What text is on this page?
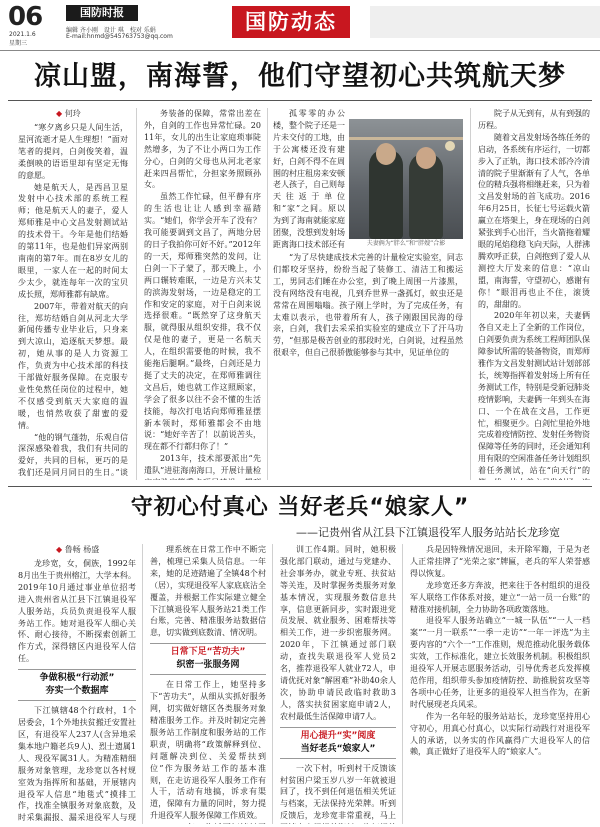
06
2021.1.6
星期三
国防时报
编辑 齐小刚　设计 琪　校对 乐娟
E-mail:hnmd@545763753@qq.com
国防动态
凉山盟，南海誓，他们守望初心共筑航天梦
◆ 何玲

“寒夕离乡只是人间生活，星河流逝才是人生理想！”面对笔者的提问，白剑俊笑着，温柔倒映的语语里却有坚定无悔的意愿。

她是航天人，是西昌卫星发射中心技术部的系统工程师；他是航天人的妻子，爱人郑师雅是中心文昌发射测试站的技术骨干。今年是他们结婚的第11年，也是他们异家两别南南的第7年。而在8岁女儿的眼里，一家人在一起的时间太少太少，就连每年一次的宝贝成长照，郑师雅都有缺席。

2007年，带着对航天的向往，郑坊结婚自剑从河北大学新闻传播专业毕业后，只身来到大凉山，追逐航天梦想。最初，她从事的是人力资源工作，负责为中心技术部的科技干部做好服务保障。在克服专业性免熬任岗位的过程中，她不仅感受到航天大家庭的温暖，也悄然收获了甜蜜的爱情。

“他的钢气蓬勃，乐观自信深深感染着我，我们有共同的爱好，共同的目标，更巧的是我们还是同月同日的生日。”谈

务装备的保障，常常出差在外，自剑的工作也异常忙碌。2011年，女儿的出生让家庭琐事陡然增多，为了不让小两口为工作分心，白剑的父母也从河北老家赶来四昌帮忙，分担家务照顾孙女。

虽然工作忙碌，但平静有序的生活也让让人感到幸福踏实。“她们，你学会开车了没有？我可能要调到文昌了，两地分居的日子我拍你可好不好。”2012年的一天，郑师雅突然的发问，让白剑一下子蒙了，那天晚上，小两口辗转难眠，一边是方兴未艾的滨海发射场，一边是稳定的工作和安定的家庭，对于白剑来说选择很难。“既然穿了这身航天服，就得服从组织安排，我不仅仅是他的妻子，更是一名航天人，在组织需要他的时候，我不能拖后腿啊。”最终，白剑还是力挺了丈夫的决定，在郑师雅调往文昌后，她也就工作这照顾家，学会了很多以往不会不懂的生活技能，每次打电话向郑师雅显摆新本领时，郑师雅都会不由地说：“她好辛苦了！以前说苦头，现在都不行都归你了！”

2013年，技术部要派出“先遣队”进驻海南海口，开展计量检

夫妻俩为“胖么”和“胖嫂”合影

孤零零的办公楼，整个院子还是一片未交付的工地，由于公寓楼还没有建好，白剑不得不在周围的村庄租房来安顿老人孩子，自己则每天往返于单位和“家”之间。原以为到了海南就能家庭团聚，没想到发射场距离海口技术部还有

“为了尽快建成技术完善的计量检定实验室，同志们都咬牙坚持，纷纷当起了装修工、清洁工和搬运工，男同志们睡在办公室，到了晚上周围一片漆黑，没有网络没有电视，几到乔世界一盏孤灯，蚊虫还是常常在周围嗡嗡。孩子刚上学时，为了完成任务，有太难以表示，也带着所有人，孩子刚跟国民海的母亲，白剑，我们去采采拍实验室的建成立下了汗马功劳，“但那是极苦创业的那段时光，白剑说，过程虽然很艰辛，但自己很骄傲能够参与其中，见证单位的

院子从无到有，从有到强的历程。

随着文昌发射场各练任务的启动，各系统有序运行，一切都步入了正轨，海口技术部冷冷清清的院子里渐渐有了人气，各单位的精兵强将相继赶来，只为着文昌发射场的首飞成功。2016年6月25日，长征七号运载火箭赢立在塔架上，身在现场的白剑紧张到手心出汗，当火箭拖着耀眼的尾焰稳稳飞向天际，人群沸腾欢呼正获，白剑抱到了爱人从测控大厅发来的信息：“凉山盟，南海誓，守望初心，感谢有你！”眼泪再也止不住，滚烫的，甜甜的。

2020年年初以来，夫妻俩各自又走上了全新的工作岗位，白剑要负责为系统工程师团队保障参试所需的装备物资，而郑师雅作为文昌发射测试站计划部部长，统筹指挥着发射场上所有任务测试工作，特别是受新冠肺炎疫情影响，夫妻俩一年到头在海口、一个在战在文昌，工作更忙，相聚更少。白剑忙里抢外地完成着疫情防控、发射任务物资保障等任务的同时，还会通知利用有限的空闲准备任务计划组织着任务测试，站在“向天行”的

守初心付真心 当好老兵“娘家人”
——记贵州省从江县下江镇退役军人服务站站长龙珍宽
◆ 鲁畅 杨盛

龙珍宽，女，侗族，1992年8月出生于贵州榕江，大学本科。2019年10月通过事业单位招考进入贵州省从江县下江镇退役军人服务站，兵员负责退役军人服务站工作。她对退役军人细心关怀、耐心接待，不断探索创新工作方式，深得辖区内退役军人信任。

争做积极“行动派”
夯实一个数据库

下江镇辖48个行政村，1个居委会，1个外地扶贫搬迁安置社区，有退役军人237人(含异地采集本地户籍老兵9人)、烈士遗属1人、现役军属31人。为精准精细服务对象管理，龙珍宽以各村规室效为指挥所和基础，开展辖内退役军人信息“地毯式”摸排工作，找准全镇服务对象底数，及时采集漏报、漏采退役军人与现

理系统在日常工作中不断完善，梳理已采集人员信息。一年来，她的足迹踏遍了全镇48个村（居），实现退役军人家底底沾全覆盖，并根据工作实际建立健全下江镇退役军人服务站21类工作台账，完善、精准服务站数据信息，切实做到底数清、情况明。

日常下足“苦功夫”
织密一张服务网

在日常工作上，她坚持多下“苦功夫”，从细从实抓好服务网，切实做好辖区各类服务对象精准服务工作。并及时制定完善服务站工作制度和服务站的工作职责，明确将“政策解释到位、问题解决到位、关爱帮扶到位”作为服务站工作的基本准则，在走访退役军人服务工作有人干，活动有地搞，诉求有渠道，保障有力量的同时，努力提升退役军人服务保障工作质效。

训工作4期。同时，她积极强化部门联动，通过与党建办、社会事务办，就业专班、扶贫站等关连，及时掌握务类服务对象基本情况，实现服务数信息共享，信息更新同步，实时跟进党员发展、就业服务、困难帮扶等相关工作，进一步织密服务网。2020年，下江镇通过部门联动，查找失联退役军人党员2名，推荐退役军人就业72人，申请优抚对象“解困难”补助40余人次，协助申请民政临时救助3人，落实扶贫困家庭申请2人，农村最低生活保障申请7人。

用心提升“实”阅度
当好老兵“娘家人”

一次下村，听到村干反馈该村贫困户梁玉岁八岁一年就被退回了，找不到任何退伍相关凭证与档案，无法保持光荣牌。听到反馈后，龙珍宽非常重视，马上

兵是因特殊情况退回，未开除军籍，于是为老人正常挂牌了“光荣之家”牌匾，老兵的军人荣誉感得以恢复。

龙珍宽还多方奔波，把来往于各村组织的退役军人联络工作体系对接，建立“一站一员一台账”的精准对接机制，全力协助各项政策落地。

退役军人服务站确立“一城一队伍”“一人一档案”“一月一联系”“一季一走访”“一年一评选”为主要内容的“六个一”工作准则，规范推动化服务载体实效，工作标准化，建立长效服务机制。积极组织退役军人开展志愿服务活动，引导优秀老兵发挥模范作用，组织带头参加疫情防控、助推脱贫攻坚等各项中心任务，让更多的退役军人担当作为，在新时代展现老兵风采。

作为一名年轻的服务站站长，龙珍宽坚持用心守初心，用真心付真心，以实际行动践行对退役军人的承诺，以务实的作风赢得广大退役军人的信赖，真正做好了退役军人的“娘家人”。
